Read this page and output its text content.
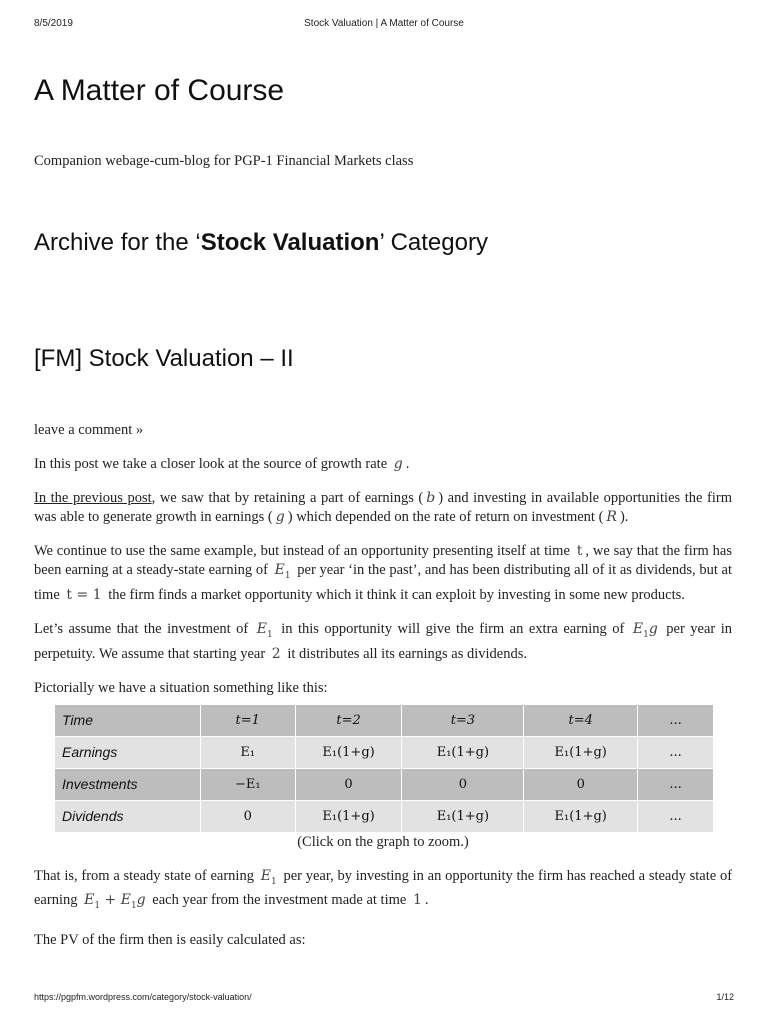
8/5/2019	Stock Valuation | A Matter of Course
A Matter of Course

Companion webage-cum-blog for PGP-1 Financial Markets class

Archive for the ‘Stock Valuation’ Category
[FM] Stock Valuation – II

leave a comment »

In this post we take a closer look at the source of growth rate g .

In the previous post, we saw that by retaining a part of earnings ( b ) and investing in available opportunities the firm was able to generate growth in earnings ( g ) which depended on the rate of return on investment ( R ).

We continue to use the same example, but instead of an opportunity presenting itself at time t , we say that the firm has been earning at a steady-state earning of $E_1$ per year ‘in the past’, and has been distributing all of it as dividends, but at time t = 1 the firm finds a market opportunity which it think it can exploit by investing in some new products.

Let’s assume that the investment of $E_1$ in this opportunity will give the firm an extra earning of $E_1g$ per year in perpetuity. We assume that starting year 2 it distributes all its earnings as dividends.

Pictorially we have a situation something like this:

Time	t=1	t=2	t=3	t=4	...
Earnings	E₁	E₁(1+g)	E₁(1+g)	E₁(1+g)	...
Investments	−E₁	0	0	0	...
Dividends	0	E₁(1+g)	E₁(1+g)	E₁(1+g)	...

(Click on the graph to zoom.)

That is, from a steady state of earning $E_1$ per year, by investing in an opportunity the firm has reached a steady state of earning $E_1 + E_1g$ each year from the investment made at time 1 .

The PV of the firm then is easily calculated as:

https://pgpfm.wordpress.com/category/stock-valuation/	1/12
